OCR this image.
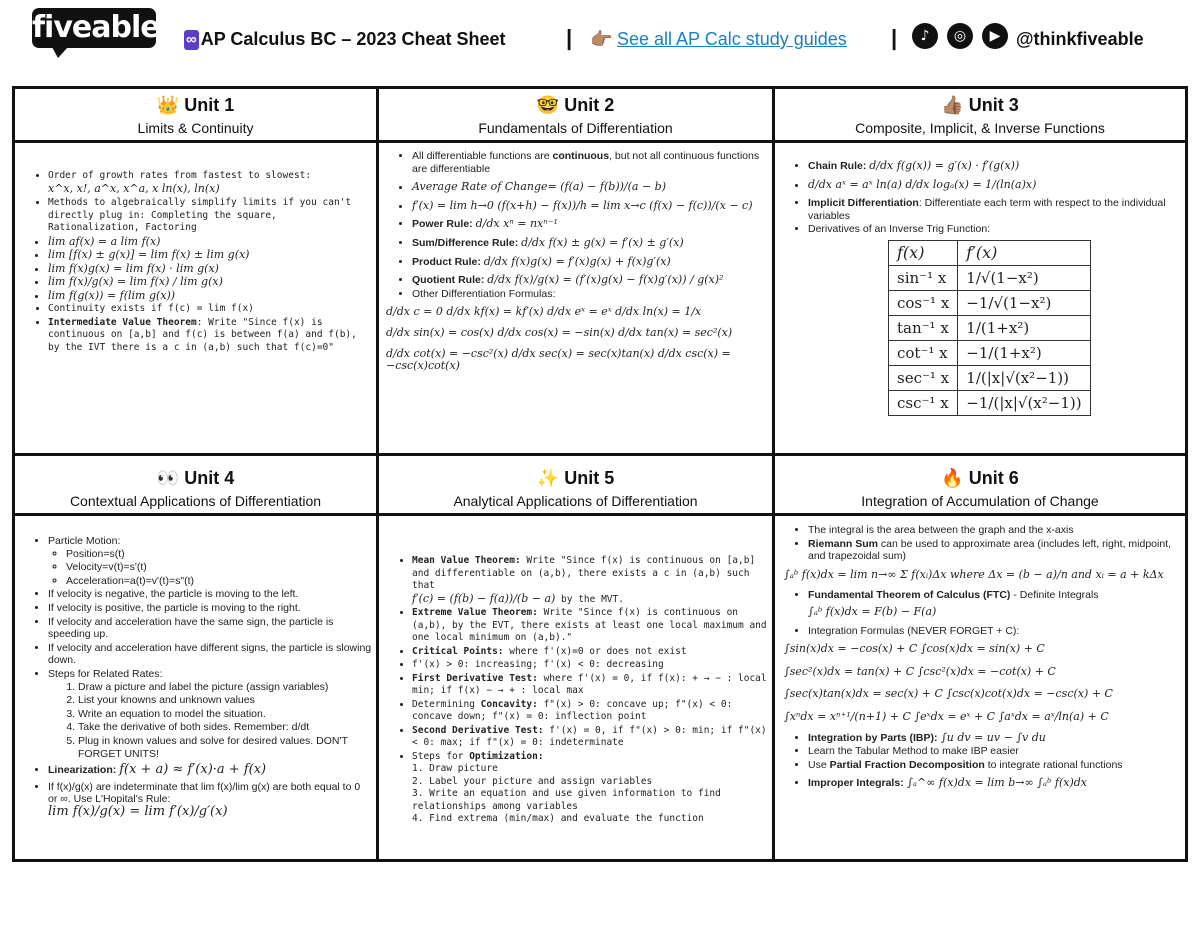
fiveable ∞ AP Calculus BC – 2023 Cheat Sheet	| 👉🏽 See all AP Calc study guides |	♪	◎	▶ @thinkfiveable
👑 Unit 1
Limits & Continuity
🤓 Unit 2
Fundamentals of Differentiation
👍🏽 Unit 3
Composite, Implicit, & Inverse Functions
👀 Unit 4
Contextual Applications of Differentiation
✨ Unit 5
Analytical Applications of Differentiation
🔥 Unit 6
Integration of Accumulation of Change
• Order of growth rates from fastest to slowest:
x^x, x!, a^x, x^a, x ln(x), ln(x)
• Methods to algebraically simplify limits if you can't directly plug in: Completing the square, Rationalization, Factoring
• lim af(x) = a lim f(x)
• lim [f(x) ± g(x)] = lim f(x) ± lim g(x)
• lim f(x)g(x) = lim f(x) · lim g(x)
• lim f(x)/g(x) = lim f(x) / lim g(x)
• lim f(g(x)) = f(lim g(x))
• Continuity exists if f(c) = lim f(x)
• Intermediate Value Theorem: Write "Since f(x) is continuous on [a,b] and f(c) is between f(a) and f(b), by the IVT there is a c in (a,b) such that f(c)=0"
• All differentiable functions are continuous, but not all continuous functions are differentiable
• Average Rate of Change= (f(a) − f(b))/(a − b)
• f′(x) = lim h→0 (f(x+h) − f(x))/h = lim x→c (f(x) − f(c))/(x − c)
• Power Rule: d/dx xⁿ = nxⁿ⁻¹
• Sum/Difference Rule: d/dx f(x) ± g(x) = f′(x) ± g′(x)
• Product Rule: d/dx f(x)g(x) = f′(x)g(x) + f(x)g′(x)
• Quotient Rule: d/dx f(x)/g(x) = (f′(x)g(x) − f(x)g′(x)) / g(x)²
• Other Differentiation Formulas:
d/dx c = 0 d/dx kf(x) = kf′(x) d/dx eˣ = eˣ d/dx ln(x) = 1/x
d/dx sin(x) = cos(x) d/dx cos(x) = −sin(x) d/dx tan(x) = sec²(x)
d/dx cot(x) = −csc²(x) d/dx sec(x) = sec(x)tan(x) d/dx csc(x) = −csc(x)cot(x)
• Chain Rule: d/dx f(g(x)) = g′(x) · f′(g(x))
• d/dx aˣ = aˣ ln(a) d/dx logₐ(x) = 1/(ln(a)x)
• Implicit Differentiation: Differentiate each term with respect to the individual variables
• Derivatives of an Inverse Trig Function:
f(x)	f′(x)
sin⁻¹ x	1/√(1−x²)
cos⁻¹ x	−1/√(1−x²)
tan⁻¹ x	1/(1+x²)
cot⁻¹ x	−1/(1+x²)
sec⁻¹ x	1/(|x|√(x²−1))
csc⁻¹ x	−1/(|x|√(x²−1))
• Particle Motion:
◦ Position=s(t)
◦ Velocity=v(t)=s'(t)
◦ Acceleration=a(t)=v'(t)=s"(t)
• If velocity is negative, the particle is moving to the left.
• If velocity is positive, the particle is moving to the right.
• If velocity and acceleration have the same sign, the particle is speeding up.
• If velocity and acceleration have different signs, the particle is slowing down.
• Steps for Related Rates:
1. Draw a picture and label the picture (assign variables)
2. List your knowns and unknown values
3. Write an equation to model the situation.
4. Take the derivative of both sides. Remember: d/dt
5. Plug in known values and solve for desired values. DON'T FORGET UNITS!
• Linearization: f(x + a) ≈ f′(x)·a + f(x)
• If f(x)/g(x) are indeterminate that lim f(x)/lim g(x) are both equal to 0 or ∞. Use L'Hopital's Rule:
lim f(x)/g(x) = lim f′(x)/g′(x)
• Mean Value Theorem: Write "Since f(x) is continuous on [a,b] and differentiable on (a,b), there exists a c in (a,b) such that
f′(c) = (f(b) − f(a))/(b − a) by the MVT.
• Extreme Value Theorem: Write "Since f(x) is continuous on (a,b), by the EVT, there exists at least one local maximum and one local minimum on (a,b)."
• Critical Points: where f'(x)=0 or does not exist
• f'(x) > 0: increasing; f'(x) < 0: decreasing
• First Derivative Test: where f'(x) = 0, if f(x): + → − : local min; if f(x) − → + : local max
• Determining Concavity: f"(x) > 0: concave up; f"(x) < 0: concave down; f"(x) = 0: inflection point
• Second Derivative Test: f'(x) = 0, if f"(x) > 0: min; if f"(x) < 0: max; if f"(x) = 0: indeterminate
• Steps for Optimization:
1. Draw picture
2. Label your picture and assign variables
3. Write an equation and use given information to find relationships among variables
4. Find extrema (min/max) and evaluate the function
• The integral is the area between the graph and the x-axis
• Riemann Sum can be used to approximate area (includes left, right, midpoint, and trapezoidal sum)
∫ₐᵇ f(x)dx = lim n→∞ Σ f(xᵢ)Δx where Δx = (b − a)/n and xᵢ = a + kΔx
• Fundamental Theorem of Calculus (FTC) - Definite Integrals
∫ₐᵇ f(x)dx = F(b) − F(a)
• Integration Formulas (NEVER FORGET + C):
∫sin(x)dx = −cos(x) + C ∫cos(x)dx = sin(x) + C
∫sec²(x)dx = tan(x) + C ∫csc²(x)dx = −cot(x) + C
∫sec(x)tan(x)dx = sec(x) + C ∫csc(x)cot(x)dx = −csc(x) + C
∫xⁿdx = xⁿ⁺¹/(n+1) + C ∫eˣdx = eˣ + C ∫aˣdx = aˣ/ln(a) + C
• Integration by Parts (IBP): ∫u dv = uv − ∫v du
• Learn the Tabular Method to make IBP easier
• Use Partial Fraction Decomposition to integrate rational functions
• Improper Integrals: ∫ₐ^∞ f(x)dx = lim b→∞ ∫ₐᵇ f(x)dx
